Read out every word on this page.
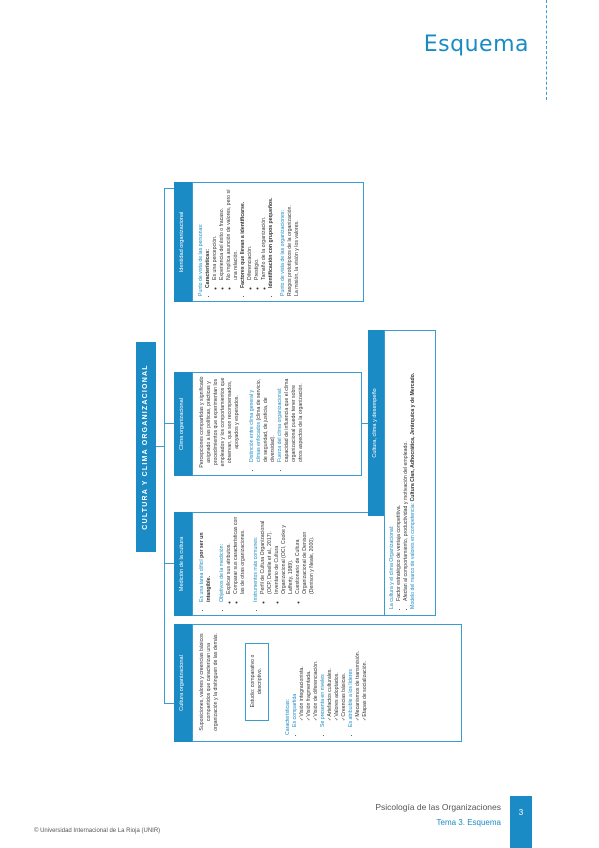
Esquema
CULTURA Y CLIMA ORGANIZACIONAL
Cultura organizacional	Suposiciones, valores y creencias básicos compartidos que caracterizan una organización y la distinguen de las demás.	Estudio: comparativo o descriptivo.
Características: • Es compartida ✓ Visión integracionista. ✓ Visión fragmentada. ✓ Visión de diferenciación. • Se presenta en niveles ✓ Artefactos culturales. ✓ Valores adoptados. ✓ Creencias básicas. • Es atribuible a los líderes ✓ Mecanismos de transmisión. ✓ Etapas de socialización.
Medición de la cultura	• Es una tarea difícil por ser un intangible. • Objetivos de la medición: ◦ Explicar sus atributos. ◦ Comparar sus características con las de otras organizaciones. • Instrumentos más comunes: ◦ Perfil de Cultura Organizacional (OCP, Deselle et al., 2017). ◦ Inventario de Cultura Organizacional (OCI, Cooke y Lafferty, 1989). ◦ Cuestionario de Cultura Organizacional de Denison (Denison y Neale, 2000).
Clima organizacional	Percepciones compartidas y significado asignado a las políticas, prácticas y procedimientos que experimentan los empleados y los comportamientos que observan, que son recompensados, apoyados y esperados. • Distinción entre clima general y climas enfocados (clima de servicio, de seguridad, de justicia, de diversidad). • Fuerza del clima organizacional: capacidad de influencia que el clima organizacional puede tener sobre otros aspectos de la organización.	Cultura, clima y desempeño
La cultura y el clima Organizacional: • Factor estratégico de ventaja competitiva. • Afectan al comportamiento, productividad y motivación del empleado. Modelo del marco de valores en competencia: Cultura Clan, Adhocrática, Jerárquica y de Mercado.
Identidad organizacional	Punto de vista de las personas: • Características: ◦ Es una percepción. ◦ Experiencia del éxito o fracaso. ◦ No implica asunción de valores, pero sí una relación. • Factores que llevan a identificarse. ◦ Diferenciación. ◦ Prestigio. ◦ Tamaño de la organización. • Identificación con grupos pequeños. Punto de vista de las organizaciones: Rasgos prototípicos de la organización. La misión, la visión y los valores.
Psicología de las Organizaciones
Tema 3. Esquema
3
© Universidad Internacional de La Rioja (UNIR)
